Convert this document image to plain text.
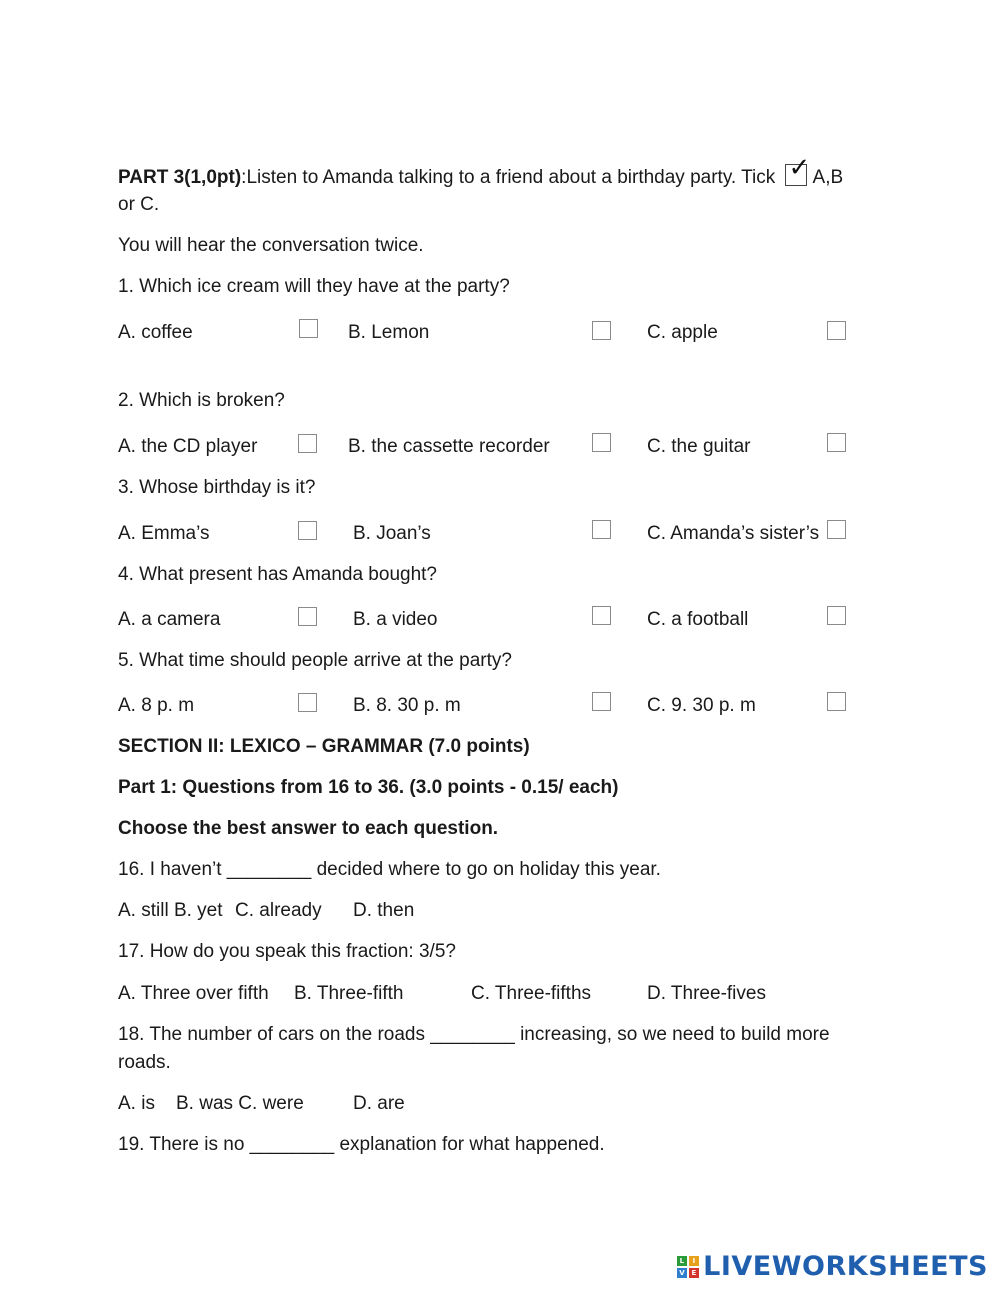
PART 3(1,0pt):Listen to Amanda talking to a friend about a birthday party. Tick ✓ A,B
or C.
You will hear the conversation twice.
1. Which ice cream will they have at the party?
A. coffee	B. Lemon	C. apple
2. Which is broken?
A. the CD player	B. the cassette recorder	C. the guitar
3. Whose birthday is it?
A. Emma’s	B. Joan’s	C. Amanda’s sister’s
4. What present has Amanda bought?
A. a camera	B. a video	C. a football
5. What time should people arrive at the party?
A. 8 p. m	B. 8. 30 p. m	C. 9. 30 p. m
SECTION II: LEXICO – GRAMMAR (7.0 points)
Part 1: Questions from 16 to 36. (3.0 points - 0.15/ each)
Choose the best answer to each question.
16. I haven’t ________ decided where to go on holiday this year.
A. still B. yet C. already D. then
17. How do you speak this fraction: 3/5?
A. Three over fifth B. Three-fifth	C. Three-fifths	D. Three-fives
18. The number of cars on the roads ________ increasing, so we need to build more
roads.
A. is B. was C. were	D. are
19. There is no ________ explanation for what happened.
L	I
V E LIVEWORKSHEETS
